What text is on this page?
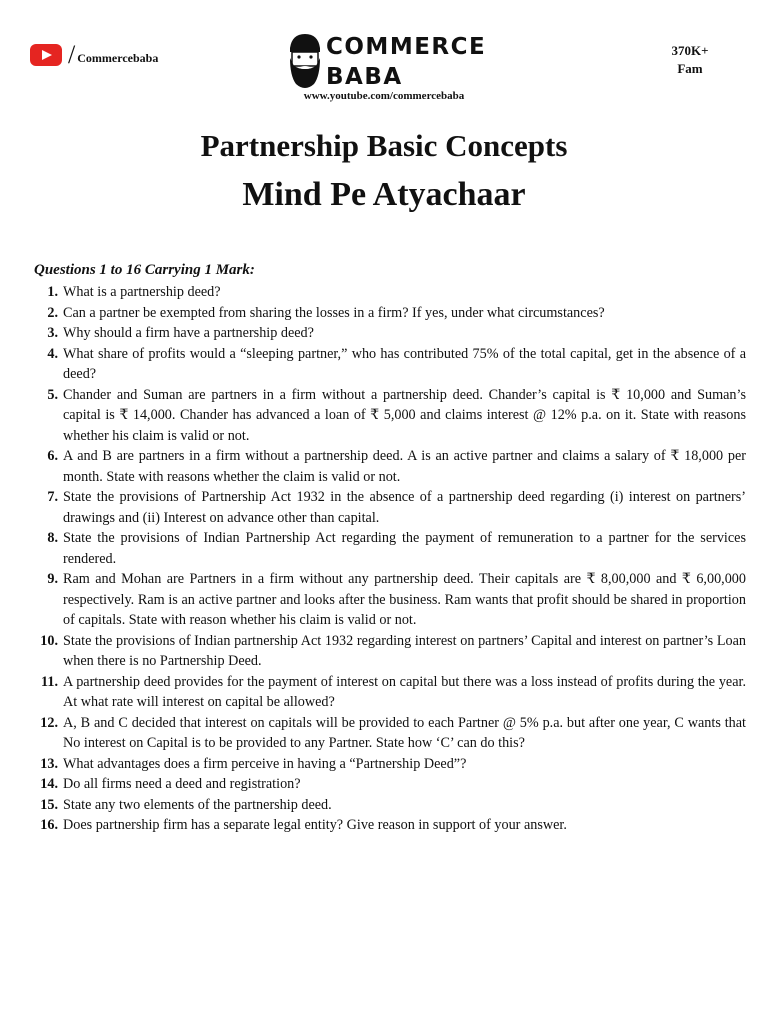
/ Commercebaba	COMMERCE
BABA
www.youtube.com/commercebaba
370K+
Fam
Partnership Basic Concepts
Mind Pe Atyachaar
Questions 1 to 16 Carrying 1 Mark:
1. What is a partnership deed?
2. Can a partner be exempted from sharing the losses in a firm? If yes, under what circumstances?
3. Why should a firm have a partnership deed?
4. What share of profits would a “sleeping partner,” who has contributed 75% of the total capital, get in the absence of a deed?
5. Chander and Suman are partners in a firm without a partnership deed. Chander’s capital is ₹ 10,000 and Suman’s capital is ₹ 14,000. Chander has advanced a loan of ₹ 5,000 and claims interest @ 12% p.a. on it. State with reasons whether his claim is valid or not.
6. A and B are partners in a firm without a partnership deed. A is an active partner and claims a salary of ₹ 18,000 per month. State with reasons whether the claim is valid or not.
7. State the provisions of Partnership Act 1932 in the absence of a partnership deed regarding (i) interest on partners’ drawings and (ii) Interest on advance other than capital.
8. State the provisions of Indian Partnership Act regarding the payment of remuneration to a partner for the services rendered.
9. Ram and Mohan are Partners in a firm without any partnership deed. Their capitals are ₹ 8,00,000 and ₹ 6,00,000 respectively. Ram is an active partner and looks after the business. Ram wants that profit should be shared in proportion of capitals. State with reason whether his claim is valid or not.
10. State the provisions of Indian partnership Act 1932 regarding interest on partners’ Capital and interest on partner’s Loan when there is no Partnership Deed.
11. A partnership deed provides for the payment of interest on capital but there was a loss instead of profits during the year. At what rate will interest on capital be allowed?
12. A, B and C decided that interest on capitals will be provided to each Partner @ 5% p.a. but after one year, C wants that No interest on Capital is to be provided to any Partner. State how ‘C’ can do this?
13. What advantages does a firm perceive in having a “Partnership Deed”?
14. Do all firms need a deed and registration?
15. State any two elements of the partnership deed.
16. Does partnership firm has a separate legal entity? Give reason in support of your answer.
